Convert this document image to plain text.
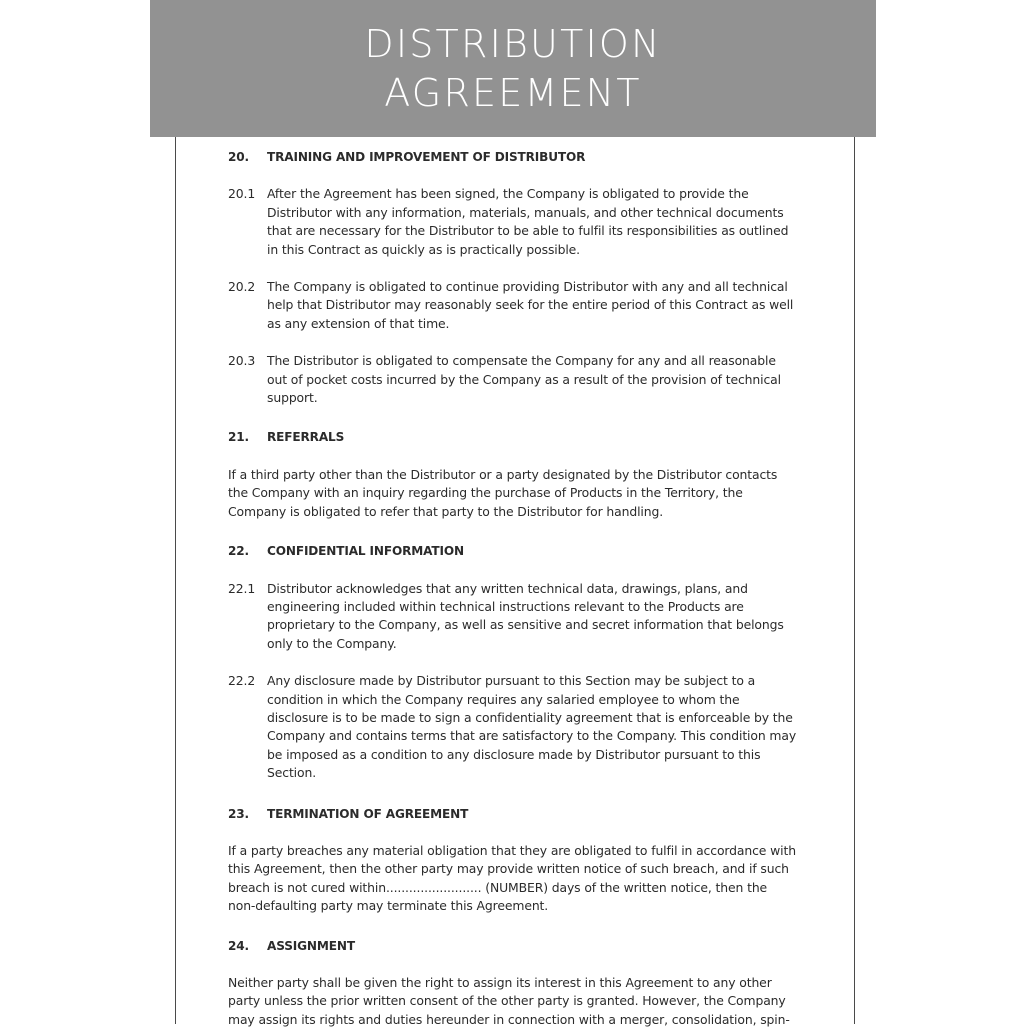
DISTRIBUTION
AGREEMENT
20.	TRAINING AND IMPROVEMENT OF DISTRIBUTOR
20.1 After the Agreement has been signed, the Company is obligated to provide the Distributor with any information, materials, manuals, and other technical documents that are necessary for the Distributor to be able to fulfil its responsibilities as outlined in this Contract as quickly as is practically possible.
20.2 The Company is obligated to continue providing Distributor with any and all technical help that Distributor may reasonably seek for the entire period of this Contract as well as any extension of that time.
20.3 The Distributor is obligated to compensate the Company for any and all reasonable out of pocket costs incurred by the Company as a result of the provision of technical support.
21.	REFERRALS
If a third party other than the Distributor or a party designated by the Distributor contacts the Company with an inquiry regarding the purchase of Products in the Territory, the Company is obligated to refer that party to the Distributor for handling.
22.	CONFIDENTIAL INFORMATION
22.1 Distributor acknowledges that any written technical data, drawings, plans, and engineering included within technical instructions relevant to the Products are proprietary to the Company, as well as sensitive and secret information that belongs only to the Company.
22.2 Any disclosure made by Distributor pursuant to this Section may be subject to a condition in which the Company requires any salaried employee to whom the disclosure is to be made to sign a confidentiality agreement that is enforceable by the Company and contains terms that are satisfactory to the Company. This condition may be imposed as a condition to any disclosure made by Distributor pursuant to this Section.
23.	TERMINATION OF AGREEMENT
If a party breaches any material obligation that they are obligated to fulfil in accordance with this Agreement, then the other party may provide written notice of such breach, and if such breach is not cured within......................... (NUMBER) days of the written notice, then the non-defaulting party may terminate this Agreement.
24.	ASSIGNMENT
Neither party shall be given the right to assign its interest in this Agreement to any other party unless the prior written consent of the other party is granted. However, the Company may assign its rights and duties hereunder in connection with a merger, consolidation, spin-
